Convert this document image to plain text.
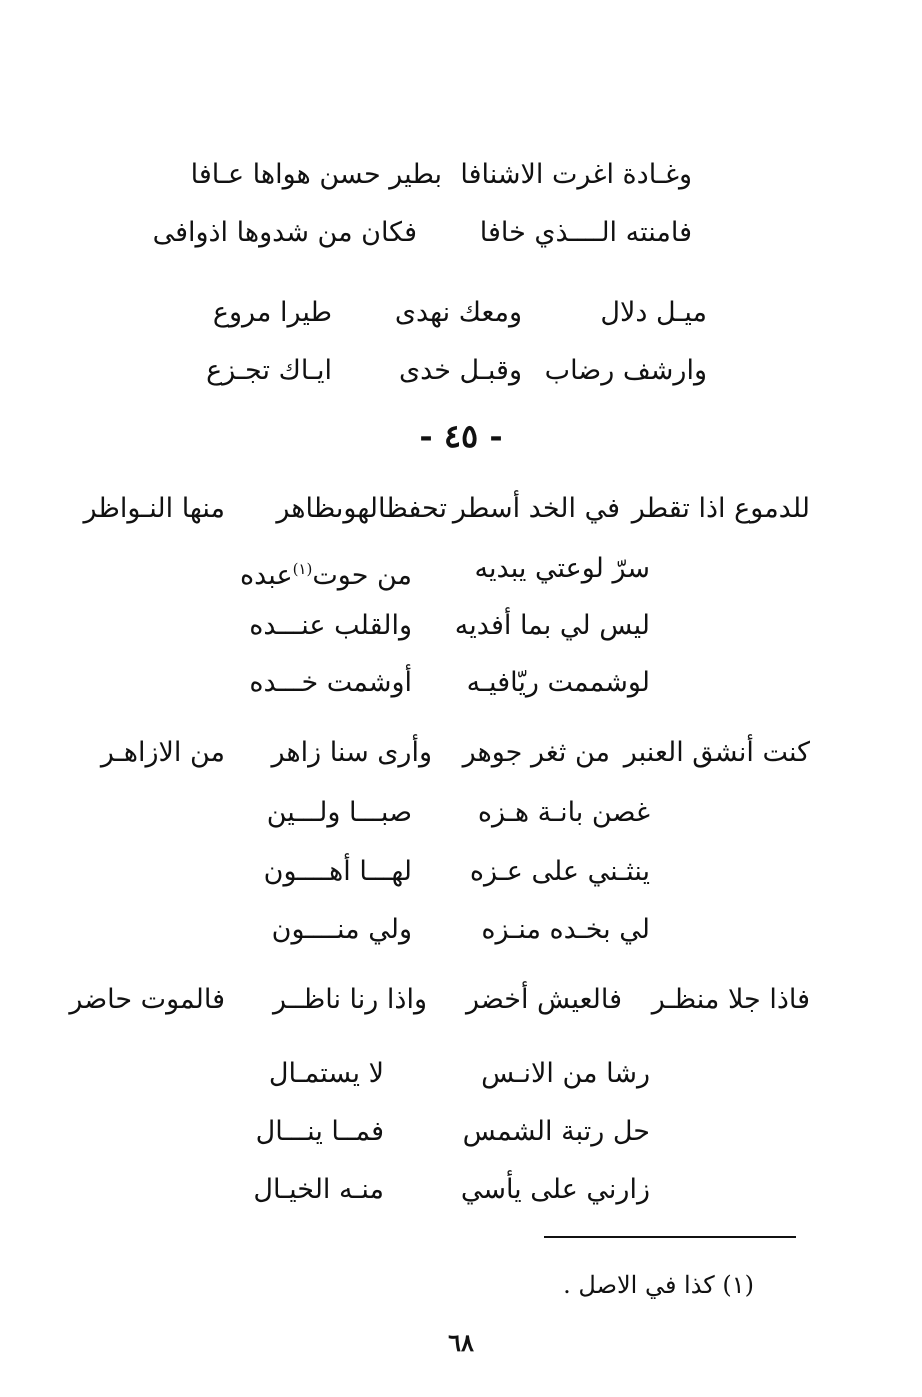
وغـادة اغرت الاشنافا
بطير حسن هواها عـافا
فامنته الــــذي خافا
فكان من شدوها اذوافى
ميـل دلال
ومعك نهدى
طيرا مروع
وارشف رضاب
وقبـل خدى
ايـاك تجـزع
- ٤٥ -
للدموع اذا تقطر
في الخد أسطر
تحفظالهوىظاهر
منها النـواظر
سرّ لوعتي يبديه
من حوت$^{(١)}$عبده
ليس لي بما أفديه
والقلب عنـــده
لوشممت ريّافيـه
أوشمت خـــده
كنت أنشق العنبر
من ثغر جوهر
وأرى سنا زاهر
من الازاهـر
غصن بانـة هـزه
صبـــا ولـــين
ينثـني على عـزه
لهـــا أهــــون
لي بخـده منـزه
ولي منــــون
فاذا جلا منظـر
فالعيش أخضر
واذا رنا ناظــر
فالموت حاضر
رشا من الانـس
لا يستمـال
حل رتبة الشمس
فمــا ينـــال
زارني على يأسي
منـه الخيـال
(١) كذا في الاصل .
٦٨
